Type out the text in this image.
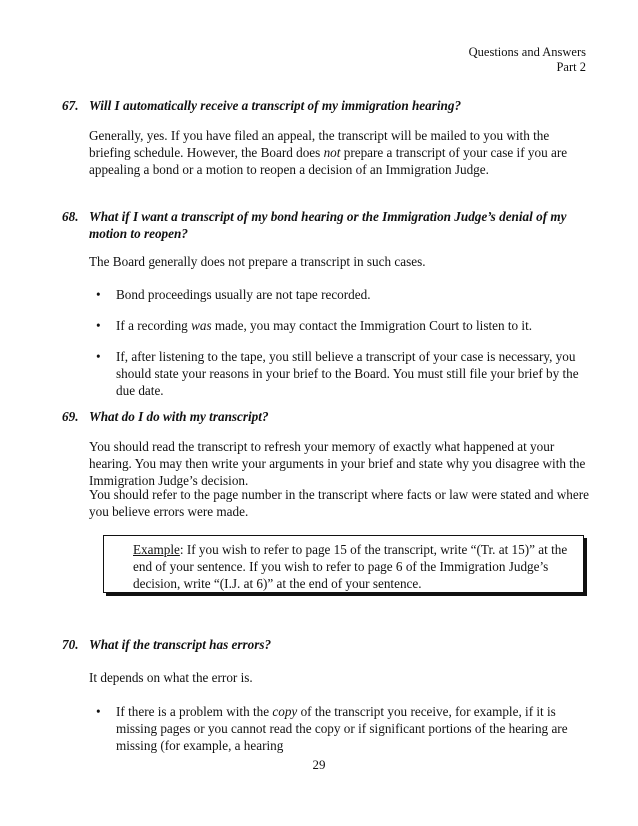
Questions and Answers
Part 2
67. Will I automatically receive a transcript of my immigration hearing?
Generally, yes. If you have filed an appeal, the transcript will be mailed to you with the briefing schedule. However, the Board does not prepare a transcript of your case if you are appealing a bond or a motion to reopen a decision of an Immigration Judge.
68. What if I want a transcript of my bond hearing or the Immigration Judge’s denial of my motion to reopen?
The Board generally does not prepare a transcript in such cases.
• Bond proceedings usually are not tape recorded.
• If a recording was made, you may contact the Immigration Court to listen to it.
• If, after listening to the tape, you still believe a transcript of your case is necessary, you should state your reasons in your brief to the Board. You must still file your brief by the due date.
69. What do I do with my transcript?
You should read the transcript to refresh your memory of exactly what happened at your hearing. You may then write your arguments in your brief and state why you disagree with the Immigration Judge’s decision.
You should refer to the page number in the transcript where facts or law were stated and where you believe errors were made.
Example: If you wish to refer to page 15 of the transcript, write “(Tr. at 15)” at the end of your sentence. If you wish to refer to page 6 of the Immigration Judge’s decision, write “(I.J. at 6)” at the end of your sentence.
70. What if the transcript has errors?
It depends on what the error is.
• If there is a problem with the copy of the transcript you receive, for example, if it is missing pages or you cannot read the copy or if significant portions of the hearing are missing (for example, a hearing
29
